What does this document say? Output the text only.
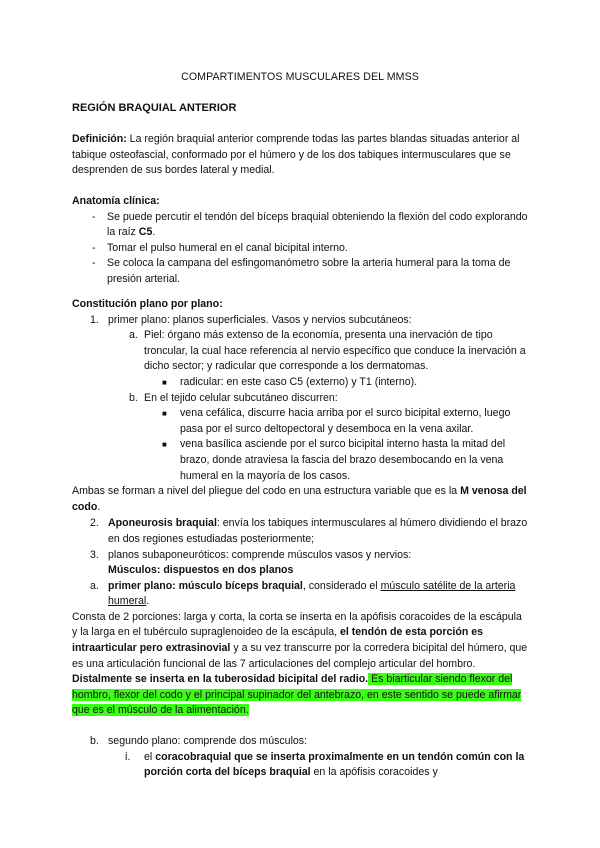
COMPARTIMENTOS MUSCULARES DEL MMSS
REGIÓN BRAQUIAL ANTERIOR
Definición: La región braquial anterior comprende todas las partes blandas situadas anterior al tabique osteofascial, conformado por el húmero y de los dos tabiques intermusculares que se desprenden de sus bordes lateral y medial.
Anatomía clínica:
- Se puede percutir el tendón del bíceps braquial obteniendo la flexión del codo explorando la raíz C5.
- Tomar el pulso humeral en el canal bicipital interno.
- Se coloca la campana del esfingomanómetro sobre la arteria humeral para la toma de presión arterial.
Constitución plano por plano:
1. primer plano: planos superficiales. Vasos y nervios subcutáneos:
a. Piel: órgano más extenso de la economía, presenta una inervación de tipo troncular, la cual hace referencia al nervio específico que conduce la inervación a dicho sector; y radicular que corresponde a los dermatomas.
■ radicular: en este caso C5 (externo) y T1 (interno).
b. En el tejido celular subcutáneo discurren:
■ vena cefálica, discurre hacia arriba por el surco bicipital externo, luego pasa por el surco deltopectoral y desemboca en la vena axilar.
■ vena basílica asciende por el surco bicipital interno hasta la mitad del brazo, donde atraviesa la fascia del brazo desembocando en la vena humeral en la mayoría de los casos.
Ambas se forman a nivel del pliegue del codo en una estructura variable que es la M venosa del codo.
2. Aponeurosis braquial: envía los tabiques intermusculares al húmero dividiendo el brazo en dos regiones estudiadas posteriormente;
3. planos subaponeuróticos: comprende músculos vasos y nervios:
Músculos: dispuestos en dos planos
a. primer plano: músculo bíceps braquial, considerado el músculo satélite de la arteria humeral.
Consta de 2 porciones: larga y corta, la corta se inserta en la apófisis coracoides de la escápula y la larga en el tubérculo supraglenoideo de la escápula, el tendón de esta porción es intraarticular pero extrasinovial y a su vez transcurre por la corredera bicipital del húmero, que es una articulación funcional de las 7 articulaciones del complejo articular del hombro. Distalmente se inserta en la tuberosidad bicipital del radio. Es biarticular siendo flexor del hombro, flexor del codo y el principal supinador del antebrazo, en este sentido se puede afirmar que es el músculo de la alimentación.
b. segundo plano: comprende dos músculos:
i. el coracobraquial que se inserta proximalmente en un tendón común con la porción corta del bíceps braquial en la apófisis coracoides y
